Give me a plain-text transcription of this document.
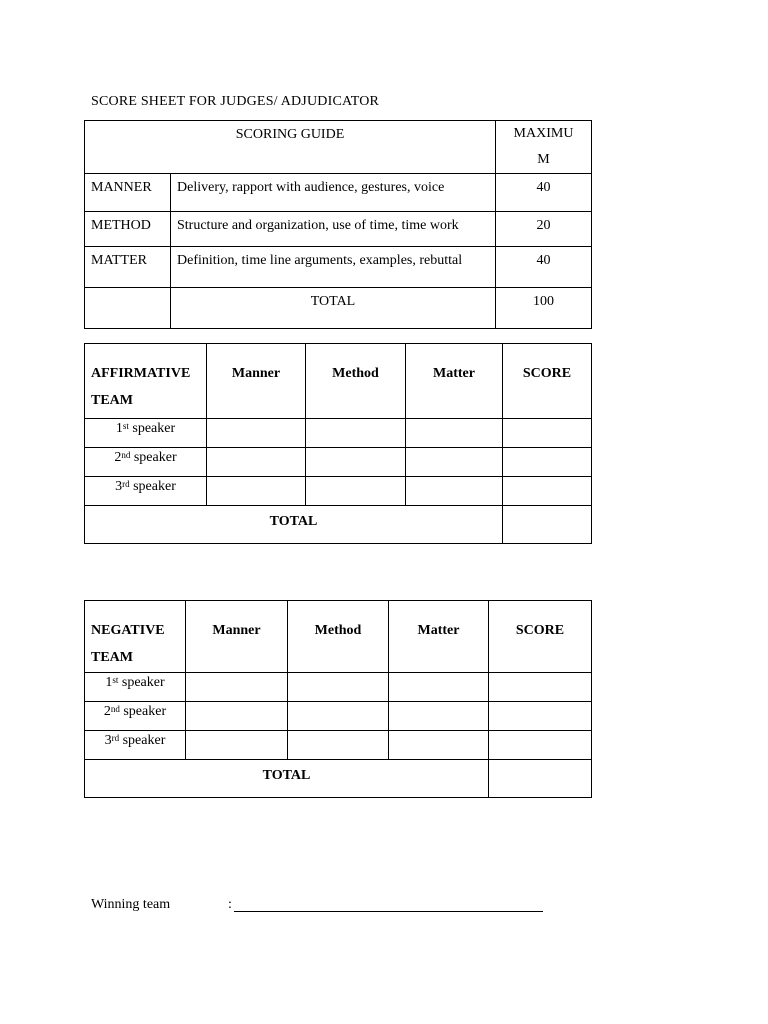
SCORE SHEET FOR JUDGES/ ADJUDICATOR
SCORING GUIDE		MAXIMU
M

MANNER	Delivery, rapport with audience, gestures, voice	40
METHOD	Structure and organization, use of time, time work	20
MATTER	Definition, time line arguments, examples, rebuttal	40
	TOTAL	100
AFFIRMATIVE
TEAM	Manner	Method	Matter	SCORE
1st speaker				
2nd speaker				
3rd speaker				
TOTAL				
NEGATIVE
TEAM	Manner	Method	Matter	SCORE
1st speaker				
2nd speaker				
3rd speaker				
TOTAL				
Winning team	:
